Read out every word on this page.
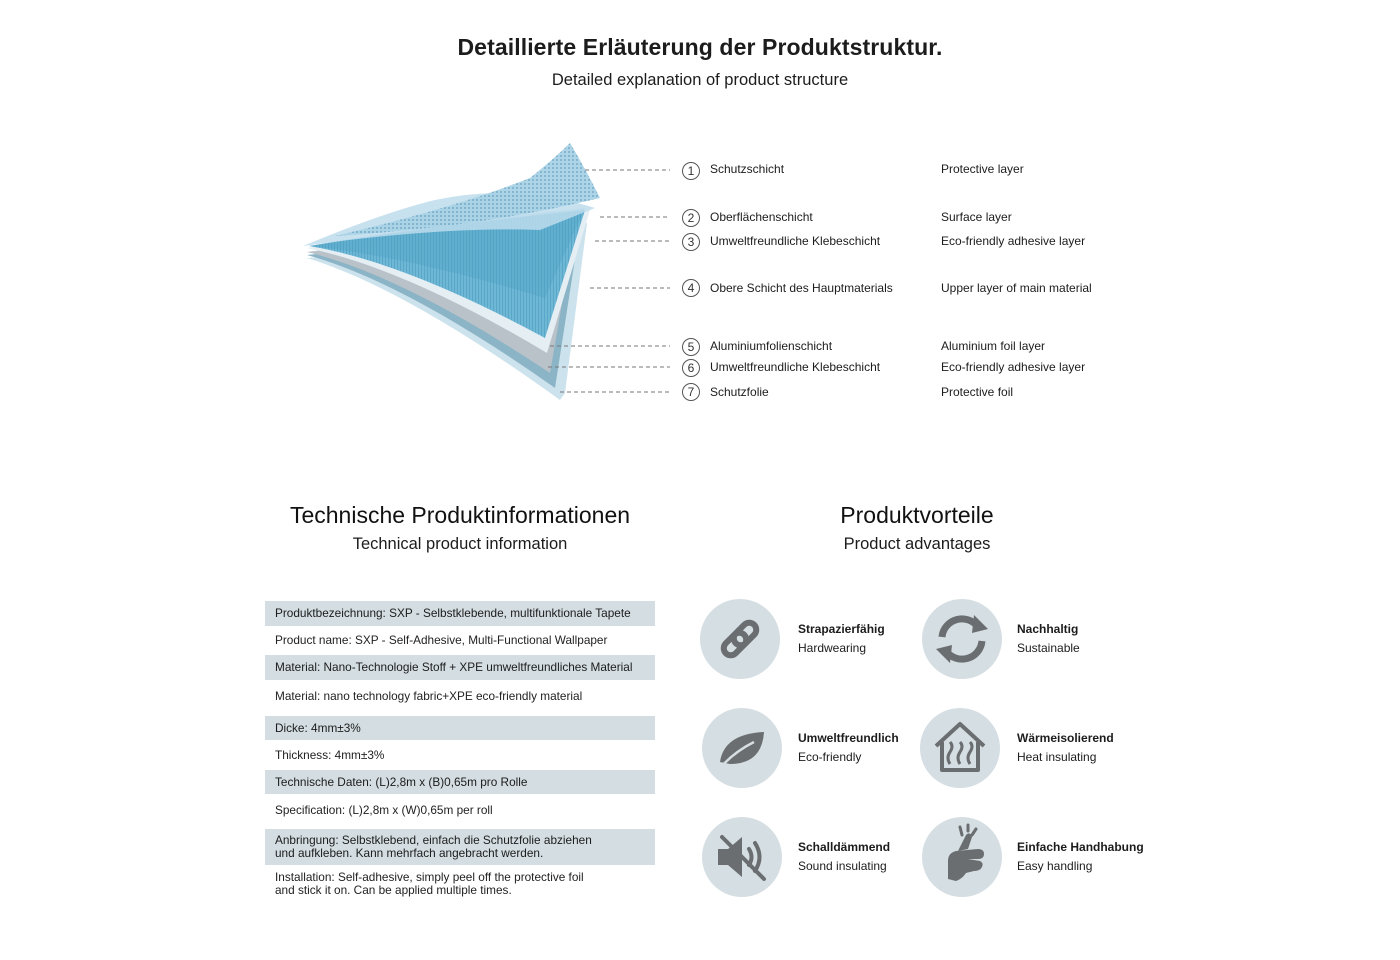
Detaillierte Erläuterung der Produktstruktur.
Detailed explanation of product structure
1	Schutzschicht	Protective layer
2	Oberflächenschicht	Surface layer
3	Umweltfreundliche Klebeschicht	Eco-friendly adhesive layer
4	Obere Schicht des Hauptmaterials	Upper layer of main material
5	Aluminiumfolienschicht	Aluminium foil layer
6	Umweltfreundliche Klebeschicht	Eco-friendly adhesive layer
7	Schutzfolie	Protective foil
Technische Produktinformationen
Technical product information
Produktbezeichnung: SXP - Selbstklebende, multifunktionale Tapete
Product name: SXP - Self-Adhesive, Multi-Functional Wallpaper
Material: Nano-Technologie Stoff + XPE umweltfreundliches Material
Material: nano technology fabric+XPE eco-friendly material
Dicke: 4mm±3%
Thickness: 4mm±3%
Technische Daten: (L)2,8m x (B)0,65m pro Rolle
Specification: (L)2,8m x (W)0,65m per roll
Anbringung: Selbstklebend, einfach die Schutzfolie abziehen
und aufkleben. Kann mehrfach angebracht werden.
Installation: Self-adhesive, simply peel off the protective foil
and stick it on. Can be applied multiple times.
Produktvorteile
Product advantages
Strapazierfähig
Hardwearing
Nachhaltig
Sustainable
Umweltfreundlich
Eco-friendly
Wärmeisolierend
Heat insulating
Schalldämmend
Sound insulating
Einfache Handhabung
Easy handling
